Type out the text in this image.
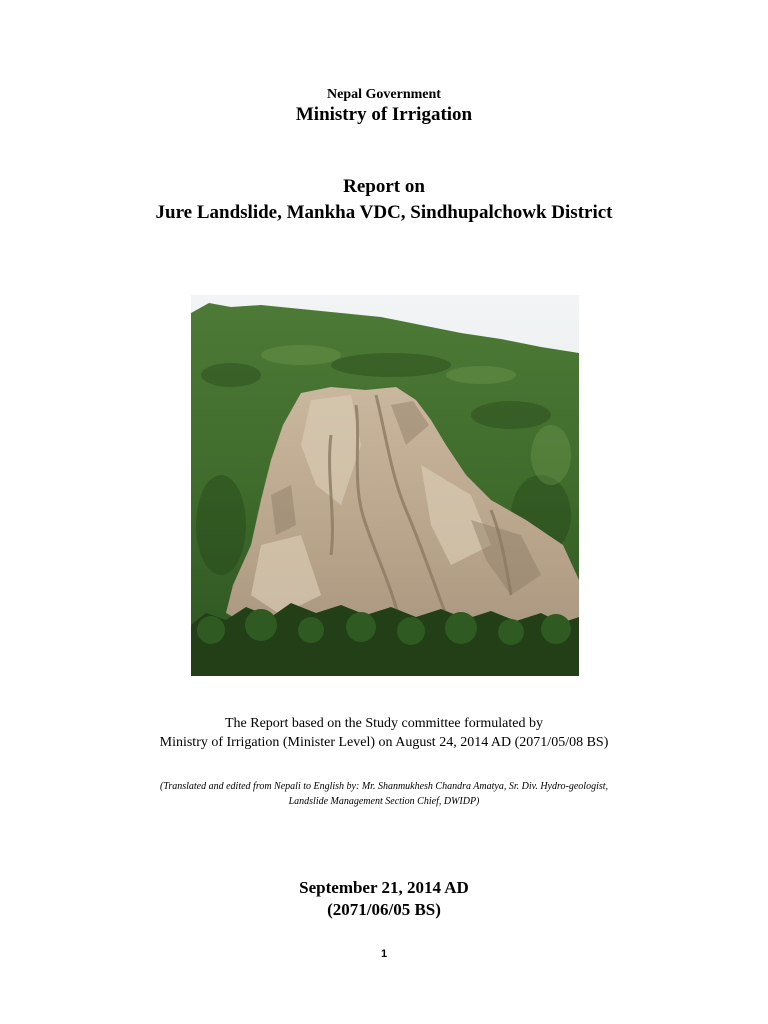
Nepal Government
Ministry of Irrigation
Report on
Jure Landslide, Mankha VDC, Sindhupalchowk District
The Report based on the Study committee formulated by
Ministry of Irrigation (Minister Level) on August 24, 2014 AD (2071/05/08 BS)
(Translated and edited from Nepali to English by: Mr. Shanmukhesh Chandra Amatya, Sr. Div. Hydro-geologist,
Landslide Management Section Chief, DWIDP)
September 21, 2014 AD
(2071/06/05 BS)
1
